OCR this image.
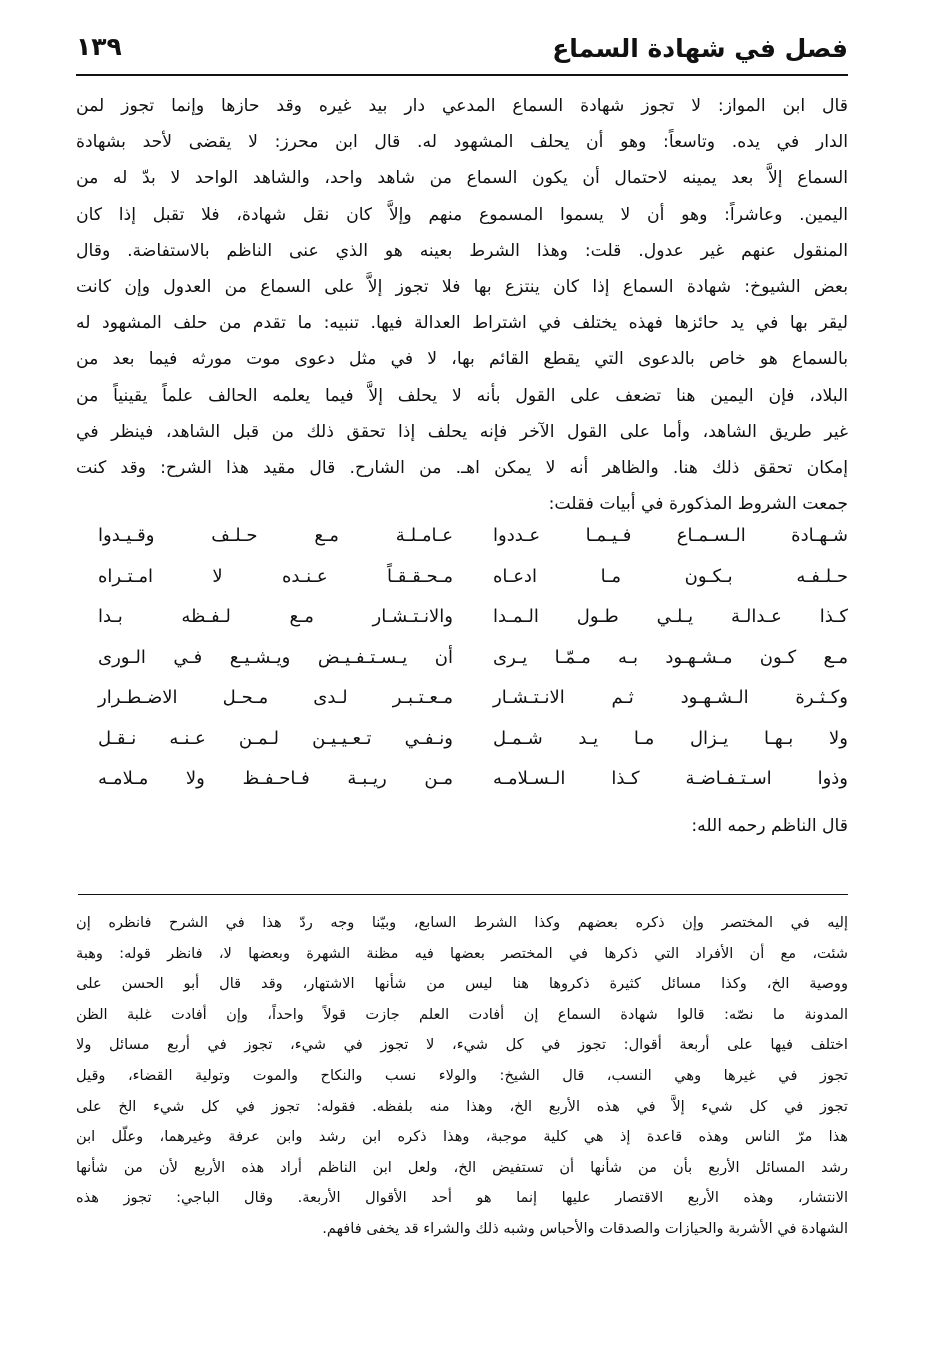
فصل في شهادة السماع
١٣٩
قال ابن المواز: لا تجوز شهادة السماع المدعي دار بيد غيره وقد حازها وإنما تجوز لمن
الدار في يده. وتاسعاً: وهو أن يحلف المشهود له. قال ابن محرز: لا يقضى لأحد بشهادة
السماع إلاَّ بعد يمينه لاحتمال أن يكون السماع من شاهد واحد، والشاهد الواحد لا بدّ له من
اليمين. وعاشراً: وهو أن لا يسموا المسموع منهم وإلاَّ كان نقل شهادة، فلا تقبل إذا كان
المنقول عنهم غير عدول. قلت: وهذا الشرط بعينه هو الذي عنى الناظم بالاستفاضة. وقال
بعض الشيوخ: شهادة السماع إذا كان ينتزع بها فلا تجوز إلاَّ على السماع من العدول وإن كانت
ليقر بها في يد حائزها فهذه يختلف في اشتراط العدالة فيها. تنبيه: ما تقدم من حلف المشهود له
بالسماع هو خاص بالدعوى التي يقطع القائم بها، لا في مثل دعوى موت مورثه فيما بعد من
البلاد، فإن اليمين هنا تضعف على القول بأنه لا يحلف إلاَّ فيما يعلمه الحالف علماً يقينياً من
غير طريق الشاهد، وأما على القول الآخر فإنه يحلف إذا تحقق ذلك من قبل الشاهد، فينظر في
إمكان تحقق ذلك هنا. والظاهر أنه لا يمكن اهـ. من الشارح. قال مقيد هذا الشرح: وقد كنت
جمعت الشروط المذكورة في أبيات فقلت:
شـهـادة الـسـمـاع فـيـمـا عـددوا
عـامـلـة مـع حـلـف وقـيـدوا
حـلـفـه بـكـون مـا ادعـاه
مـحـقـقـاً عـنـده لا امـتـراه
كـذا عـدالـة يـلـي طـول الـمـدا
والانـتـشـار مـع لـفـظه بـدا
مـع كـون مـشـهـود بـه مـمّـا يـرى
أن يـسـتـفـيـض ويـشـيـع فـي الـورى
وكـثـرة الـشـهـود ثـم الانـتـشـار
مـعـتـبـر لـدى مـحـل الاضـطـرار
ولا بـهـا يـزال مـا يـد شـمـل
ونـفـي تـعـيـيـن لـمـن عـنـه نـقـل
وذوا اسـتـفـاضـة كـذا الـسـلامـه
مـن ريـبـة فـاحـفـظ ولا مـلامـه
قال الناظم رحمه الله:
إليه في المختصر وإن ذكره بعضهم وكذا الشرط السابع، وبيّنا وجه ردّ هذا في الشرح فانظره إن
شئت، مع أن الأفراد التي ذكرها في المختصر بعضها فيه مظنة الشهرة وبعضها لا، فانظر قوله: وهبة
ووصية الخ، وكذا مسائل كثيرة ذكروها هنا ليس من شأنها الاشتهار، وقد قال أبو الحسن على
المدونة ما نصّه: قالوا شهادة السماع إن أفادت العلم جازت قولاً واحداً، وإن أفادت غلبة الظن
اختلف فيها على أربعة أقوال: تجوز في كل شيء، لا تجوز في شيء، تجوز في أربع مسائل ولا
تجوز في غيرها وهي النسب، قال الشيخ: والولاء نسب والنكاح والموت وتولية القضاء، وقيل
تجوز في كل شيء إلاَّ في هذه الأربع الخ، وهذا منه بلفظه. فقوله: تجوز في كل شيء الخ على
هذا مرّ الناس وهذه قاعدة إذ هي كلية موجبة، وهذا ذكره ابن رشد وابن عرفة وغيرهما، وعلّل ابن
رشد المسائل الأربع بأن من شأنها أن تستفيض الخ، ولعل ابن الناظم أراد هذه الأربع لأن من شأنها
الانتشار، وهذه الأربع الاقتصار عليها إنما هو أحد الأقوال الأربعة. وقال الباجي: تجوز هذه
الشهادة في الأشربة والحيازات والصدقات والأحباس وشبه ذلك والشراء قد يخفى فافهم.
